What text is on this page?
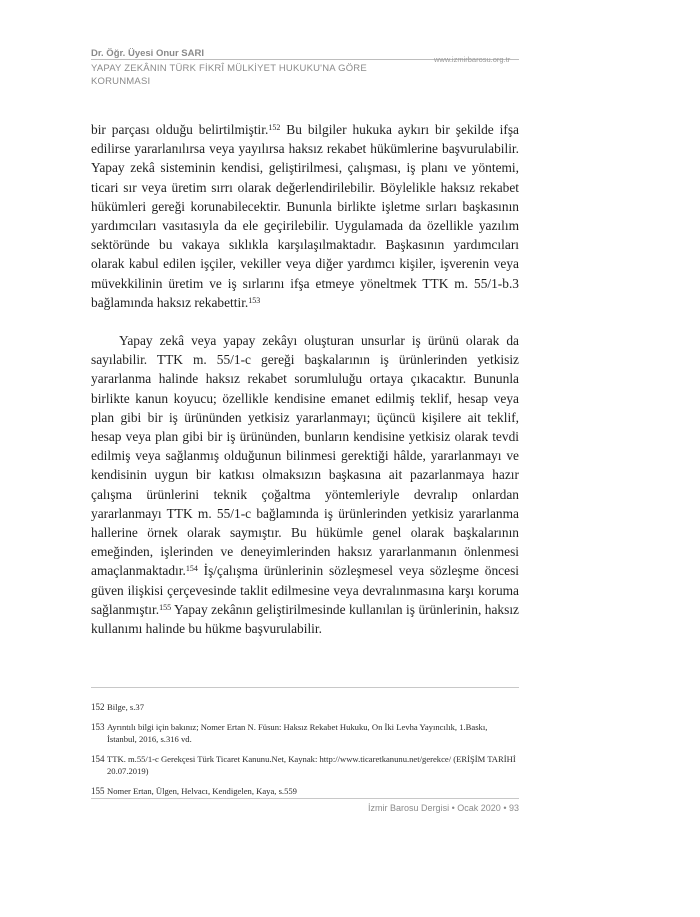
Dr. Öğr. Üyesi Onur SARI
YAPAY ZEKÂNIN TÜRK FİKRÎ MÜLKİYET HUKUKU'NA GÖRE KORUNMASI
www.izmirbarosu.org.tr

bir parçası olduğu belirtilmiştir.$^{152}$ Bu bilgiler hukuka aykırı bir şekilde ifşa edilirse yararlanılırsa veya yayılırsa haksız rekabet hükümlerine başvurulabilir. Yapay zekâ sisteminin kendisi, geliştirilmesi, çalışması, iş planı ve yöntemi, ticari sır veya üretim sırrı olarak değerlendirilebilir. Böylelikle haksız rekabet hükümleri gereği korunabilecektir. Bununla birlikte işletme sırları başkasının yardımcıları vasıtasıyla da ele geçirilebilir. Uygulamada da özellikle yazılım sektöründe bu vakaya sıklıkla karşılaşılmaktadır. Başkasının yardımcıları olarak kabul edilen işçiler, vekiller veya diğer yardımcı kişiler, işverenin veya müvekkilinin üretim ve iş sırlarını ifşa etmeye yöneltmek TTK m. 55/1-b.3 bağlamında haksız rekabettir.$^{153}$

Yapay zekâ veya yapay zekâyı oluşturan unsurlar iş ürünü olarak da sayılabilir. TTK m. 55/1-c gereği başkalarının iş ürünlerinden yetkisiz yararlanma halinde haksız rekabet sorumluluğu ortaya çıkacaktır. Bununla birlikte kanun koyucu; özellikle kendisine emanet edilmiş teklif, hesap veya plan gibi bir iş ürününden yetkisiz yararlanmayı; üçüncü kişilere ait teklif, hesap veya plan gibi bir iş ürününden, bunların kendisine yetkisiz olarak tevdi edilmiş veya sağlanmış olduğunun bilinmesi gerektiği hâlde, yararlanmayı ve kendisinin uygun bir katkısı olmaksızın başkasına ait pazarlanmaya hazır çalışma ürünlerini teknik çoğaltma yöntemleriyle devralıp onlardan yararlanmayı TTK m. 55/1-c bağlamında iş ürünlerinden yetkisiz yararlanma hallerine örnek olarak saymıştır. Bu hükümle genel olarak başkalarının emeğinden, işlerinden ve deneyimlerinden haksız yararlanmanın önlenmesi amaçlanmaktadır.$^{154}$ İş/çalışma ürünlerinin sözleşmesel veya sözleşme öncesi güven ilişkisi çerçevesinde taklit edilmesine veya devralınmasına karşı koruma sağlanmıştır.$^{155}$ Yapay zekânın geliştirilmesinde kullanılan iş ürünlerinin, haksız kullanımı halinde bu hükme başvurulabilir.

152 Bilge, s.37
153 Ayrıntılı bilgi için bakınız; Nomer Ertan N. Füsun: Haksız Rekabet Hukuku, On İki Levha Yayıncılık, 1.Baskı, İstanbul, 2016, s.316 vd.
154 TTK. m.55/1-c Gerekçesi Türk Ticaret Kanunu.Net, Kaynak: http://www.ticaretkanunu.net/gerekce/ (ERİŞİM TARİHİ 20.07.2019)
155 Nomer Ertan, Ülgen, Helvacı, Kendigelen, Kaya, s.559
İzmir Barosu Dergisi • Ocak 2020 • 93
